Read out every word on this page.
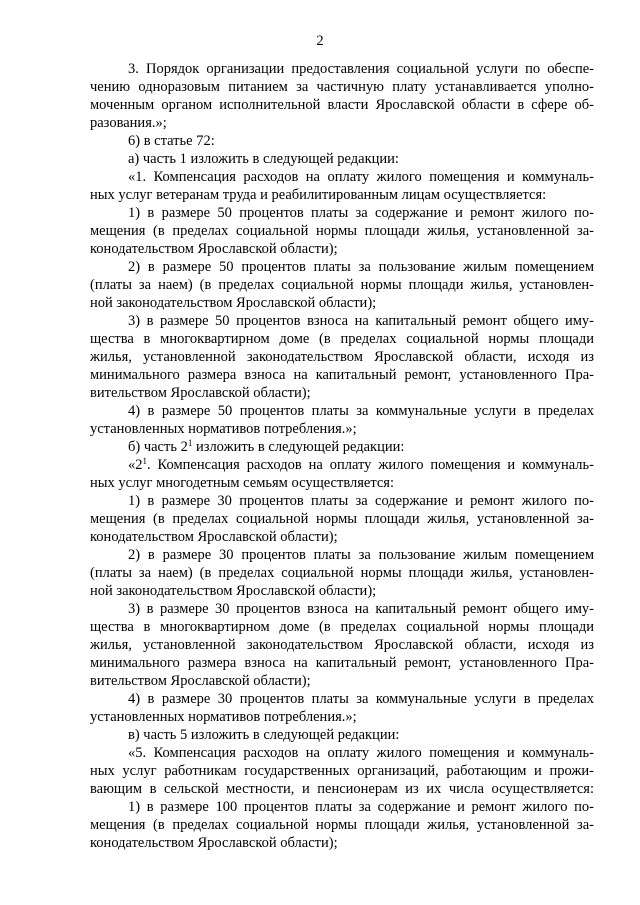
2
3. Порядок организации предоставления социальной услуги по обеспе-
чению одноразовым питанием за частичную плату устанавливается уполно-
моченным органом исполнительной власти Ярославской области в сфере об-
разования.»;
6) в статье 72:
а) часть 1 изложить в следующей редакции:
«1. Компенсация расходов на оплату жилого помещения и коммуналь-
ных услуг ветеранам труда и реабилитированным лицам осуществляется:
1) в размере 50 процентов платы за содержание и ремонт жилого по-
мещения (в пределах социальной нормы площади жилья, установленной за-
конодательством Ярославской области);
2) в размере 50 процентов платы за пользование жилым помещением
(платы за наем) (в пределах социальной нормы площади жилья, установлен-
ной законодательством Ярославской области);
3) в размере 50 процентов взноса на капитальный ремонт общего иму-
щества в многоквартирном доме (в пределах социальной нормы площади
жилья, установленной законодательством Ярославской области, исходя из
минимального размера взноса на капитальный ремонт, установленного Пра-
вительством Ярославской области);
4) в размере 50 процентов платы за коммунальные услуги в пределах
установленных нормативов потребления.»;
б) часть $2^1$ изложить в следующей редакции:
«$2^1$. Компенсация расходов на оплату жилого помещения и коммуналь-
ных услуг многодетным семьям осуществляется:
1) в размере 30 процентов платы за содержание и ремонт жилого по-
мещения (в пределах социальной нормы площади жилья, установленной за-
конодательством Ярославской области);
2) в размере 30 процентов платы за пользование жилым помещением
(платы за наем) (в пределах социальной нормы площади жилья, установлен-
ной законодательством Ярославской области);
3) в размере 30 процентов взноса на капитальный ремонт общего иму-
щества в многоквартирном доме (в пределах социальной нормы площади
жилья, установленной законодательством Ярославской области, исходя из
минимального размера взноса на капитальный ремонт, установленного Пра-
вительством Ярославской области);
4) в размере 30 процентов платы за коммунальные услуги в пределах
установленных нормативов потребления.»;
в) часть 5 изложить в следующей редакции:
«5. Компенсация расходов на оплату жилого помещения и коммуналь-
ных услуг работникам государственных организаций, работающим и прожи-
вающим в сельской местности, и пенсионерам из их числа осуществляется:
1) в размере 100 процентов платы за содержание и ремонт жилого по-
мещения (в пределах социальной нормы площади жилья, установленной за-
конодательством Ярославской области);
